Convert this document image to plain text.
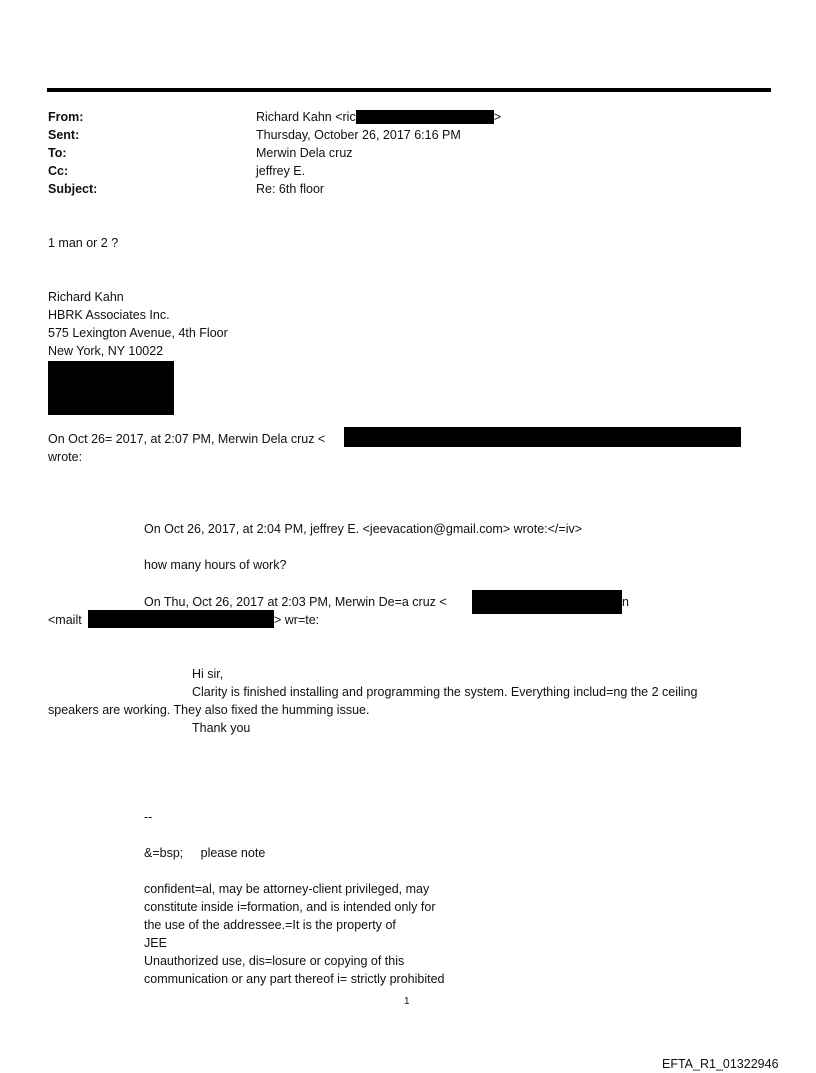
From:	Richard Kahn <ric	>
Sent:	Thursday, October 26, 2017 6:16 PM
To:	Merwin Dela cruz
Cc:	jeffrey E.
Subject:	Re: 6th floor
1 man or 2 ?
Richard Kahn
HBRK Associates Inc.
575 Lexington Avenue, 4th Floor
New York, NY 10022
On Oct 26= 2017, at 2:07 PM, Merwin Dela cruz <
wrote:
On Oct 26, 2017, at 2:04 PM, jeffrey E. <jeevacation@gmail.com> wrote:</=iv>
how many hours of work?
On Thu, Oct 26, 2017 at 2:03 PM, Merwin De=a cruz <	n
<mailt	> wr=te:
Hi sir,
Clarity is finished installing and programming the system. Everything includ=ng the 2 ceiling
speakers are working. They also fixed the humming issue.
Thank you
--
&=bsp;     please note
confident=al, may be attorney-client privileged, may
constitute inside i=formation, and is intended only for
the use of the addressee.=It is the property of
JEE
Unauthorized use, dis=losure or copying of this
communication or any part thereof i= strictly prohibited
1
EFTA_R1_01322946
